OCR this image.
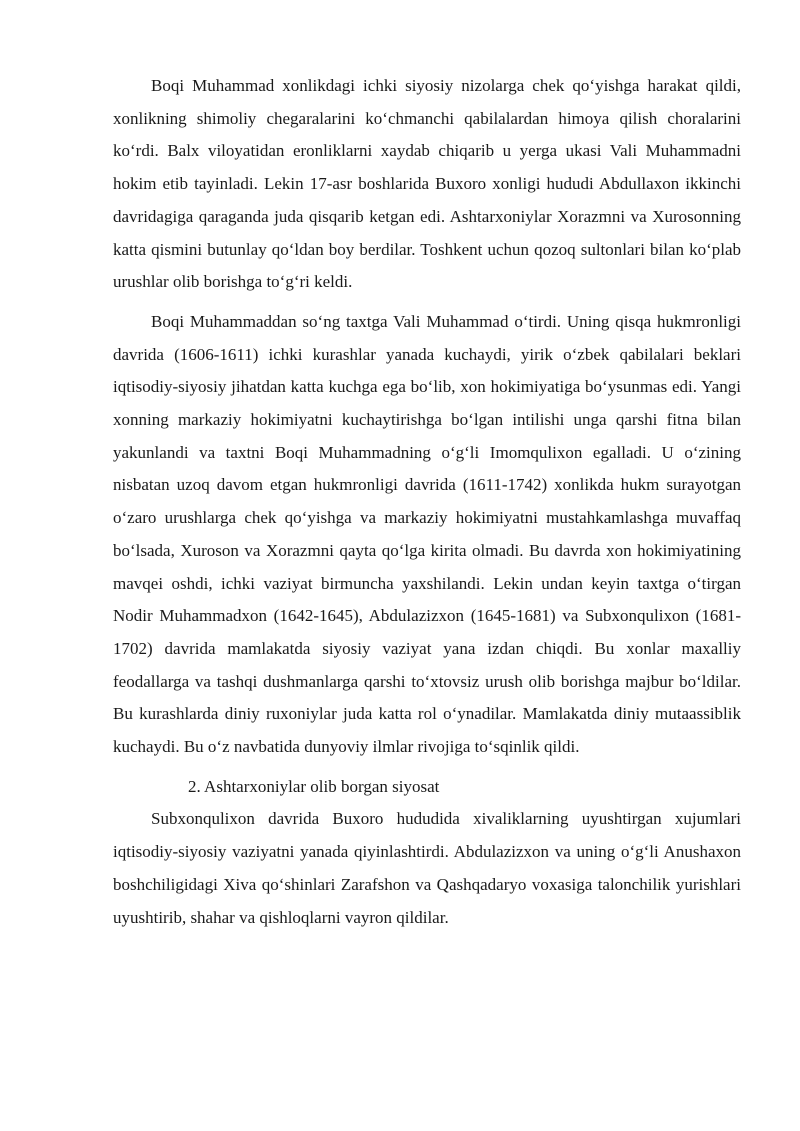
Boqi Muhammad xonlikdagi ichki siyosiy nizolarga chek qo‘yishga harakat qildi, xonlikning shimoliy chegaralarini ko‘chmanchi qabilalardan himoya qilish choralarini ko‘rdi. Balx viloyatidan eronliklarni xaydab chiqarib u yerga ukasi Vali Muhammadni hokim etib tayinladi. Lekin 17-asr boshlarida Buxoro xonligi hududi Abdullaxon ikkinchi davridagiga qaraganda juda qisqarib ketgan edi. Ashtarxoniylar Xorazmni va Xurosonning katta qismini butunlay qo‘ldan boy berdilar. Toshkent uchun qozoq sultonlari bilan ko‘plab urushlar olib borishga to‘g‘ri keldi.

Boqi Muhammaddan so‘ng taxtga Vali Muhammad o‘tirdi. Uning qisqa hukmronligi davrida (1606-1611) ichki kurashlar yanada kuchaydi, yirik o‘zbek qabilalari beklari iqtisodiy-siyosiy jihatdan katta kuchga ega bo‘lib, xon hokimiyatiga bo‘ysunmas edi. Yangi xonning markaziy hokimiyatni kuchaytirishga bo‘lgan intilishi unga qarshi fitna bilan yakunlandi va taxtni Boqi Muhammadning o‘g‘li Imomqulixon egalladi. U o‘zining nisbatan uzoq davom etgan hukmronligi davrida (1611-1742) xonlikda hukm surayotgan o‘zaro urushlarga chek qo‘yishga va markaziy hokimiyatni mustahkamlashga muvaffaq bo‘lsada, Xuroson va Xorazmni qayta qo‘lga kirita olmadi. Bu davrda xon hokimiyatining mavqei oshdi, ichki vaziyat birmuncha yaxshilandi. Lekin undan keyin taxtga o‘tirgan Nodir Muhammadxon (1642-1645), Abdulazizxon (1645-1681) va Subxonqulixon (1681-1702) davrida mamlakatda siyosiy vaziyat yana izdan chiqdi. Bu xonlar maxalliy feodallarga va tashqi dushmanlarga qarshi to‘xtovsiz urush olib borishga majbur bo‘ldilar. Bu kurashlarda diniy ruxoniylar juda katta rol o‘ynadilar. Mamlakatda diniy mutaassiblik kuchaydi. Bu o‘z navbatida dunyoviy ilmlar rivojiga to‘sqinlik qildi.

2. Ashtarxoniylar olib borgan siyosat

Subxonqulixon davrida Buxoro hududida xivaliklarning uyushtirgan xujumlari iqtisodiy-siyosiy vaziyatni yanada qiyinlashtirdi. Abdulazizxon va uning o‘g‘li Anushaxon boshchiligidagi Xiva qo‘shinlari Zarafshon va Qashqadaryo voxasiga talonchilik yurishlari uyushtirib, shahar va qishloqlarni vayron qildilar.
